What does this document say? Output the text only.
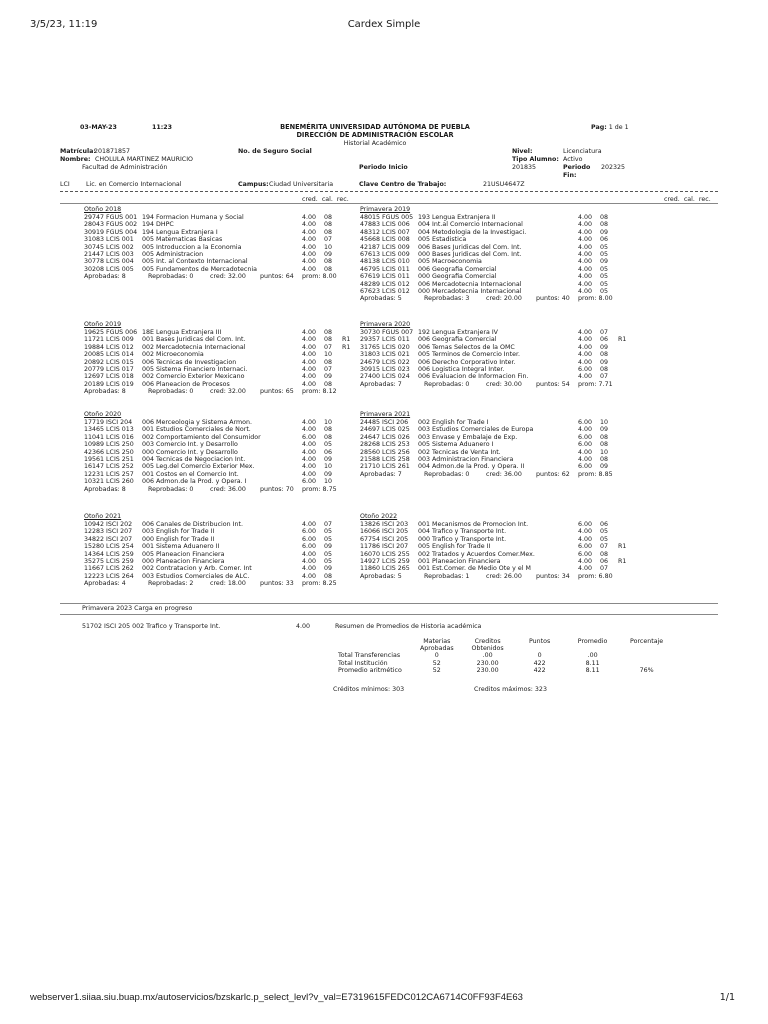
3/5/23, 11:19	Cardex Simple
03-MAY-23	11:23	BENEMÉRITA UNIVERSIDAD AUTÓNOMA DE PUEBLA
DIRECCIÓN DE ADMINISTRACIÓN ESCOLAR
Historial Académico
Pag: 1 de 1
Matrícula:
201871857
Nombre: CHOLULA MARTINEZ MAURICIO
Facultad de Administración
No. de Seguro Social	Nivel:	Licenciatura
Tipo Alumno: Activo
Periodo Inicio	201835	Periodo 202325
Fin:
LCI	Lic. en Comercio Internacional	Campus: Ciudad Universitaria	Clave Centro de Trabajo:	21USU4647Z
cred. cal. rec.	cred. cal. rec.
Otoño 2018
29747 FGUS 001 194 Formacion Humana y Social	4.00 08
28043 FGUS 002 194 DHPC	4.00 08
30919 FGUS 004 194 Lengua Extranjera I	4.00 08
31083 LCIS 001 005 Matematicas Basicas	4.00 07
30745 LCIS 002 005 Introduccion a la Economia	4.00 10
21447 LCIS 003 005 Administracion	4.00 09
30778 LCIS 004 005 Int. al Contexto Internacional	4.00 08
30208 LCIS 005 005 Fundamentos de Mercadotecnia	4.00 08
Aprobadas: 8	Reprobadas: 0	cred: 32.00 puntos: 64 prom: 8.00
Otoño 2019
19625 FGUS 006 18E Lengua Extranjera III	4.00 08
11721 LCIS 009 001 Bases Juridicas del Com. Int.	4.00 08 R1
19884 LCIS 012 002 Mercadotecnia Internacional	4.00 07 R1
20085 LCIS 014 002 Microeconomia	4.00 10
20892 LCIS 015 006 Tecnicas de Investigacion	4.00 08
20779 LCIS 017 005 Sistema Financiero Internaci.	4.00 07
12697 LCIS 018 002 Comercio Exterior Mexicano	4.00 09
20189 LCIS 019 006 Planeacion de Procesos	4.00 08
Aprobadas: 8	Reprobadas: 0	cred: 32.00 puntos: 65 prom: 8.12
Otoño 2020
17719 ISCI 204 006 Merceologia y Sistema Armon.	4.00 10
13465 LCIS 013 001 Estudios Comerciales de Nort.	4.00 08
11041 LCIS 016 002 Comportamiento del Consumidor	6.00 08
10989 LCIS 250 003 Comercio Int. y Desarrollo	4.00 05
42366 LCIS 250 000 Comercio Int. y Desarrollo	4.00 06
19561 LCIS 251 004 Tecnicas de Negociacion Int.	4.00 09
16147 LCIS 252 005 Leg.del Comercio Exterior Mex.	4.00 10
12231 LCIS 257 001 Costos en el Comercio Int.	4.00 09
10321 LCIS 260 006 Admon.de la Prod. y Opera. I	6.00 10
Aprobadas: 8	Reprobadas: 0	cred: 36.00 puntos: 70 prom: 8.75
Otoño 2021
10942 ISCI 202 006 Canales de Distribucion Int.	4.00 07
12283 ISCI 207 003 English for Trade II	6.00 05
34822 ISCI 207 000 English for Trade II	6.00 05
15280 LCIS 254 001 Sistema Aduanero II	6.00 09
14364 LCIS 259 005 Planeacion Financiera	4.00 05
35275 LCIS 259 000 Planeacion Financiera	4.00 05
11667 LCIS 262 002 Contratacion y Arb. Comer. Int	4.00 09
12223 LCIS 264 003 Estudios Comerciales de ALC.	4.00 08
Aprobadas: 4	Reprobadas: 2	cred: 18.00 puntos: 33 prom: 8.25
Primavera 2019
48015 FGUS 005 193 Lengua Extranjera II	4.00 08
47883 LCIS 006 004 Int.al Comercio Internacional	4.00 08
48312 LCIS 007 004 Metodologia de la Investigaci.	4.00 09
45668 LCIS 008 005 Estadistica	4.00 06
42187 LCIS 009 006 Bases Juridicas del Com. Int.	4.00 05
67613 LCIS 009 000 Bases Juridicas del Com. Int.	4.00 05
48138 LCIS 010 005 Macroeconomia	4.00 09
46795 LCIS 011 006 Geografia Comercial	4.00 05
67619 LCIS 011 000 Geografia Comercial	4.00 05
48289 LCIS 012 006 Mercadotecnia Internacional	4.00 05
67623 LCIS 012 000 Mercadotecnia Internacional	4.00 05
Aprobadas: 5	Reprobadas: 3	cred: 20.00 puntos: 40 prom: 8.00
Primavera 2020
30730 FGUS 007 192 Lengua Extranjera IV	4.00 07
29357 LCIS 011 006 Geografia Comercial	4.00 06 R1
31765 LCIS 020 006 Temas Selectos de la OMC	4.00 09
31803 LCIS 021 005 Terminos de Comercio Inter.	4.00 08
24679 LCIS 022 006 Derecho Corporativo Inter.	4.00 09
30915 LCIS 023 006 Logistica Integral Inter.	6.00 08
27400 LCIS 024 006 Evaluacion de Informacion Fin.	4.00 07
Aprobadas: 7	Reprobadas: 0	cred: 30.00 puntos: 54 prom: 7.71
Primavera 2021
24485 ISCI 206 002 English for Trade I	6.00 10
24697 LCIS 025 003 Estudios Comerciales de Europa	4.00 09
24647 LCIS 026 003 Envase y Embalaje de Exp.	6.00 08
28268 LCIS 253 005 Sistema Aduanero I	6.00 08
28560 LCIS 256 002 Tecnicas de Venta Int.	4.00 10
21588 LCIS 258 003 Administracion Financiera	4.00 08
21710 LCIS 261 004 Admon.de la Prod. y Opera. II	6.00 09
Aprobadas: 7	Reprobadas: 0	cred: 36.00 puntos: 62 prom: 8.85
Otoño 2022
13826 ISCI 203 001 Mecanismos de Promocion Int.	6.00 06
16066 ISCI 205 004 Trafico y Transporte Int.	4.00 05
67754 ISCI 205 000 Trafico y Transporte Int.	4.00 05
11786 ISCI 207 005 English for Trade II	6.00 07 R1
16070 LCIS 255 002 Tratados y Acuerdos Comer.Mex.	6.00 08
14927 LCIS 259 001 Planeacion Financiera	4.00 06 R1
11860 LCIS 265 001 Est.Comer. de Medio Ote y el M	4.00 07
Aprobadas: 5	Reprobadas: 1	cred: 26.00 puntos: 34 prom: 6.80
Primavera 2023 Carga en progreso
51702 ISCI 205 002 Trafico y Transporte Int.	4.00	Resumen de Promedios de Historia académica
	Materias	Creditos	Puntos	Promedio	Porcentaje
	Aprobadas	Obtenidos			
Total Transferencias	0	.00	0	.00	
Total Institución	52	230.00	422	8.11	
Promedio aritmético	52	230.00	422	8.11	76%
Créditos mínimos: 303	Creditos máximos: 323
webserver1.siiaa.siu.buap.mx/autoservicios/bzskarlc.p_select_levl?v_val=E7319615FEDC012CA6714C0FF93F4E63	1/1
